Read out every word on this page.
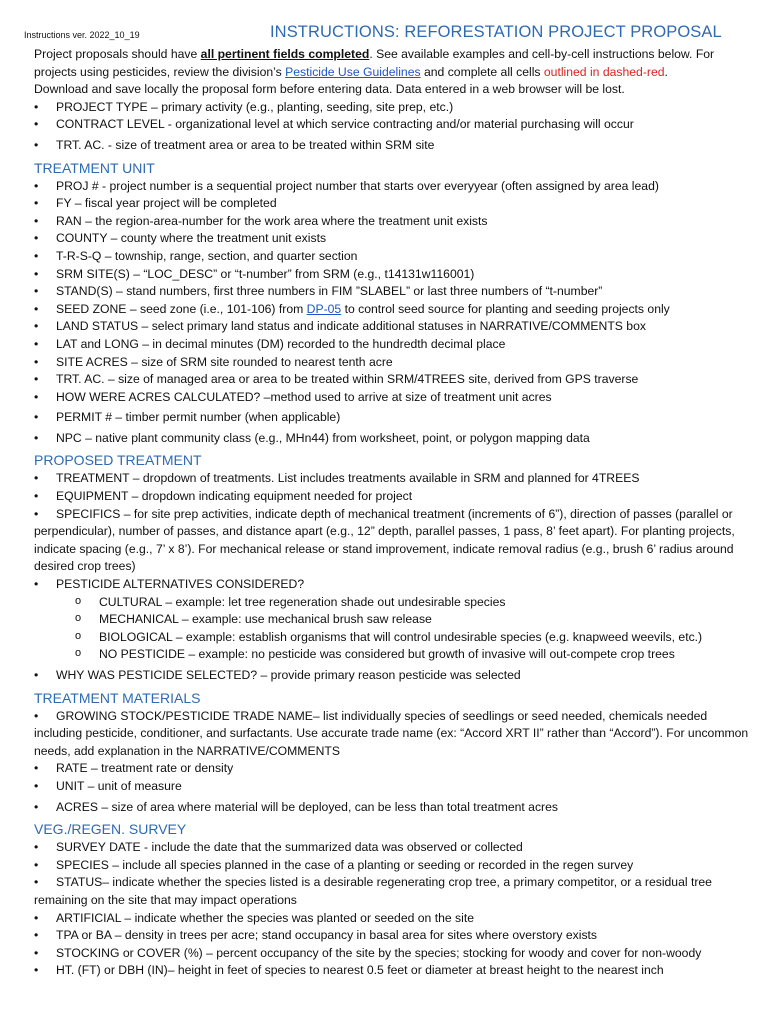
Instructions ver. 2022_10_19	INSTRUCTIONS: REFORESTATION PROJECT PROPOSAL

Project proposals should have all pertinent fields completed. See available examples and cell-by-cell instructions below. For projects using pesticides, review the division’s Pesticide Use Guidelines and complete all cells outlined in dashed-red.

Download and save locally the proposal form before entering data. Data entered in a web browser will be lost.

• PROJECT TYPE – primary activity (e.g., planting, seeding, site prep, etc.)
• CONTRACT LEVEL - organizational level at which service contracting and/or material purchasing will occur
• TRT. AC. - size of treatment area or area to be treated within SRM site
TREATMENT UNIT
• PROJ # - project number is a sequential project number that starts over everyyear (often assigned by area lead)
• FY – fiscal year project will be completed
• RAN – the region-area-number for the work area where the treatment unit exists
• COUNTY – county where the treatment unit exists
• T-R-S-Q – township, range, section, and quarter section
• SRM SITE(S) – “LOC_DESC” or “t-number” from SRM (e.g., t14131w116001)
• STAND(S) – stand numbers, first three numbers in FIM ”SLABEL” or last three numbers of “t-number”
• SEED ZONE – seed zone (i.e., 101-106) from DP-05 to control seed source for planting and seeding projects only
• LAND STATUS – select primary land status and indicate additional statuses in NARRATIVE/COMMENTS box
• LAT and LONG – in decimal minutes (DM) recorded to the hundredth decimal place
• SITE ACRES – size of SRM site rounded to nearest tenth acre
• TRT. AC. – size of managed area or area to be treated within SRM/4TREES site, derived from GPS traverse
• HOW WERE ACRES CALCULATED? –method used to arrive at size of treatment unit acres
• PERMIT # – timber permit number (when applicable)
• NPC – native plant community class (e.g., MHn44) from worksheet, point, or polygon mapping data
PROPOSED TREATMENT
• TREATMENT – dropdown of treatments. List includes treatments available in SRM and planned for 4TREES
• EQUIPMENT – dropdown indicating equipment needed for project
• SPECIFICS – for site prep activities, indicate depth of mechanical treatment (increments of 6”), direction of passes (parallel or perpendicular), number of passes, and distance apart (e.g., 12” depth, parallel passes, 1 pass, 8’ feet apart). For planting projects, indicate spacing (e.g., 7’ x 8’). For mechanical release or stand improvement, indicate removal radius (e.g., brush 6’ radius around desired crop trees)
• PESTICIDE ALTERNATIVES CONSIDERED?
o CULTURAL – example: let tree regeneration shade out undesirable species
o MECHANICAL – example: use mechanical brush saw release
o BIOLOGICAL – example: establish organisms that will control undesirable species (e.g. knapweed weevils, etc.)
o NO PESTICIDE – example: no pesticide was considered but growth of invasive will out-compete crop trees
• WHY WAS PESTICIDE SELECTED? – provide primary reason pesticide was selected
TREATMENT MATERIALS
• GROWING STOCK/PESTICIDE TRADE NAME– list individually species of seedlings or seed needed, chemicals needed including pesticide, conditioner, and surfactants. Use accurate trade name (ex: “Accord XRT II” rather than “Accord”). For uncommon needs, add explanation in the NARRATIVE/COMMENTS
• RATE – treatment rate or density
• UNIT – unit of measure
• ACRES – size of area where material will be deployed, can be less than total treatment acres
VEG./REGEN. SURVEY
• SURVEY DATE - include the date that the summarized data was observed or collected
• SPECIES – include all species planned in the case of a planting or seeding or recorded in the regen survey
• STATUS– indicate whether the species listed is a desirable regenerating crop tree, a primary competitor, or a residual tree remaining on the site that may impact operations
• ARTIFICIAL – indicate whether the species was planted or seeded on the site
• TPA or BA – density in trees per acre; stand occupancy in basal area for sites where overstory exists
• STOCKING or COVER (%) – percent occupancy of the site by the species; stocking for woody and cover for non-woody
• HT. (FT) or DBH (IN)– height in feet of species to nearest 0.5 feet or diameter at breast height to the nearest inch
